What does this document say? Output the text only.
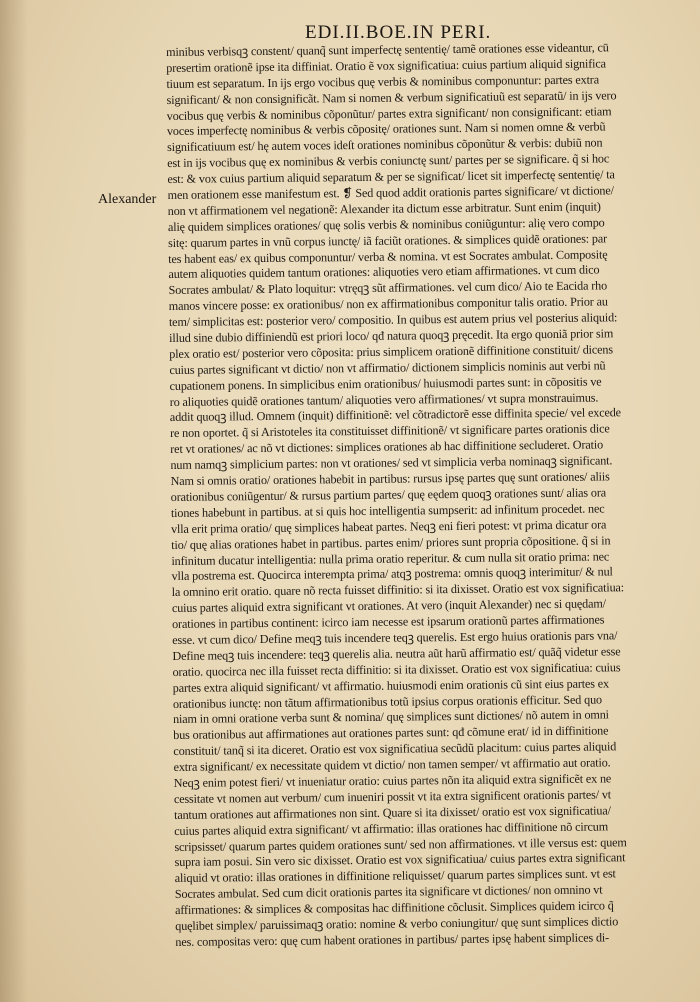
EDI.II.BOE.IN PERI.
Alexander
minibus verbisqꝫ constent/ quanq̃ sunt imperfectę sententię/ tamẽ orationes esse videantur, cū
presertim orationẽ ipse ita diffiniat. Oratio ẽ vox significatiua: cuius partium aliquid significa
tiuum est separatum. In ijs ergo vocibus quę verbis & nominibus componuntur: partes extra
significant/ & non consignificãt. Nam si nomen & verbum significatiuũ est separatũ/ in ijs vero
vocibus quę verbis & nominibus cõponũtur/ partes extra significant/ non consignificant: etiam
voces imperfectę nominibus & verbis cõpositę/ orationes sunt. Nam si nomen omne & verbũ
significatiuum est/ hę autem voces ideſt orationes nominibus cõponũtur & verbis: dubiũ non
est in ijs vocibus quę ex nominibus & verbis coniunctę sunt/ partes per se significare. q̃ si hoc
est: & vox cuius partium aliquid separatum & per se significat/ licet sit imperfectę sententię/ ta
men orationem esse manifestum est. ❡ Sed quod addit orationis partes significare/ vt dictione/
non vt affirmationem vel negationẽ: Alexander ita dictum esse arbitratur. Sunt enim (inquit)
alię quidem simplices orationes/ quę solis verbis & nominibus coniũguntur: alię vero compo
sitę: quarum partes in vnũ corpus iunctę/ iã faciũt orationes. & simplices quidẽ orationes: par
tes habent eas/ ex quibus componuntur/ verba & nomina. vt est Socrates ambulat. Compositę
autem aliquoties quidem tantum orationes: aliquoties vero etiam affirmationes. vt cum dico
Socrates ambulat/ & Plato loquitur: vtręqꝫ sũt affirmationes. vel cum dico/ Aio te Eacida rho
manos vincere posse: ex orationibus/ non ex affirmationibus componitur talis oratio. Prior au
tem/ simplicitas est: posterior vero/ compositio. In quibus est autem prius vel posterius aliquid:
illud sine dubio diffiniendũ est priori loco/ qđ natura quoqꝫ pręcedit. Ita ergo quoniã prior sim
plex oratio est/ posterior vero cõposita: prius simplicem orationẽ diffinitione constituit/ dicens
cuius partes significant vt dictio/ non vt affirmatio/ dictionem simplicis nominis aut verbi nũ
cupationem ponens. In simplicibus enim orationibus/ huiusmodi partes sunt: in cõpositis ve
ro aliquoties quidẽ orationes tantum/ aliquoties vero affirmationes/ vt supra monstrauimus.
addit quoqꝫ illud. Omnem (inquit) diffinitionẽ: vel cõtradictorẽ esse diffinita specie/ vel excede
re non oportet. q̃ si Aristoteles ita constituisset diffinitionẽ/ vt significare partes orationis dice
ret vt orationes/ ac nõ vt dictiones: simplices orationes ab hac diffinitione secluderet. Oratio
num namqꝫ simplicium partes: non vt orationes/ sed vt simplicia verba nominaqꝫ significant.
Nam si omnis oratio/ orationes habebit in partibus: rursus ipsę partes quę sunt orationes/ aliis
orationibus coniũgentur/ & rursus partium partes/ quę eędem quoqꝫ orationes sunt/ alias ora
tiones habebunt in partibus. at si quis hoc intelligentia sumpserit: ad infinitum procedet. nec
vlla erit prima oratio/ quę simplices habeat partes. Neqꝫ eni fieri potest: vt prima dicatur ora
tio/ quę alias orationes habet in partibus. partes enim/ priores sunt propria cõpositione. q̃ si in
infinitum ducatur intelligentia: nulla prima oratio reperitur. & cum nulla sit oratio prima: nec
vlla postrema est. Quocirca interempta prima/ atqꝫ postrema: omnis quoqꝫ interimitur/ & nul
la omnino erit oratio. quare nõ recta fuisset diffinitio: si ita dixisset. Oratio est vox significatiua:
cuius partes aliquid extra significant vt orationes. At vero (inquit Alexander) nec si quędam/
orationes in partibus continent: icirco iam necesse est ipsarum orationũ partes affirmationes
esse. vt cum dico/ Define meqꝫ tuis incendere teqꝫ querelis. Est ergo huius orationis pars vna/
Define meqꝫ tuis incendere: teqꝫ querelis alia. neutra aũt harũ affirmatio est/ quãq̃ videtur esse
oratio. quocirca nec illa fuisset recta diffinitio: si ita dixisset. Oratio est vox significatiua: cuius
partes extra aliquid significant/ vt affirmatio. huiusmodi enim orationis cũ sint eius partes ex
orationibus iunctę: non tãtum affirmationibus totũ ipsius corpus orationis efficitur. Sed quo
niam in omni oratione verba sunt & nomina/ quę simplices sunt dictiones/ nõ autem in omni
bus orationibus aut affirmationes aut orationes partes sunt: qđ cõmune erat/ id in diffinitione
constituit/ tanq̃ si ita diceret. Oratio est vox significatiua secũdũ placitum: cuius partes aliquid
extra significant/ ex necessitate quidem vt dictio/ non tamen semper/ vt affirmatio aut oratio.
Neqꝫ enim potest fieri/ vt inueniatur oratio: cuius partes nõn ita aliquid extra significẽt ex ne
cessitate vt nomen aut verbum/ cum inueniri possit vt ita extra significent orationis partes/ vt
tantum orationes aut affirmationes non sint. Quare si ita dixisset/ oratio est vox significatiua/
cuius partes aliquid extra significant/ vt affirmatio: illas orationes hac diffinitione nõ circum
scripsisset/ quarum partes quidem orationes sunt/ sed non affirmationes. vt ille versus est: quem
supra iam posui. Sin vero sic dixisset. Oratio est vox significatiua/ cuius partes extra significant
aliquid vt oratio: illas orationes in diffinitione reliquisset/ quarum partes simplices sunt. vt est
Socrates ambulat. Sed cum dicit orationis partes ita significare vt dictiones/ non omnino vt
affirmationes: & simplices & compositas hac diffinitione cõclusit. Simplices quidem icirco q̃
quęlibet simplex/ paruissimaqꝫ oratio: nomine & verbo coniungitur/ quę sunt simplices dictio
nes. compositas vero: quę cum habent orationes in partibus/ partes ipsę habent simplices di-
